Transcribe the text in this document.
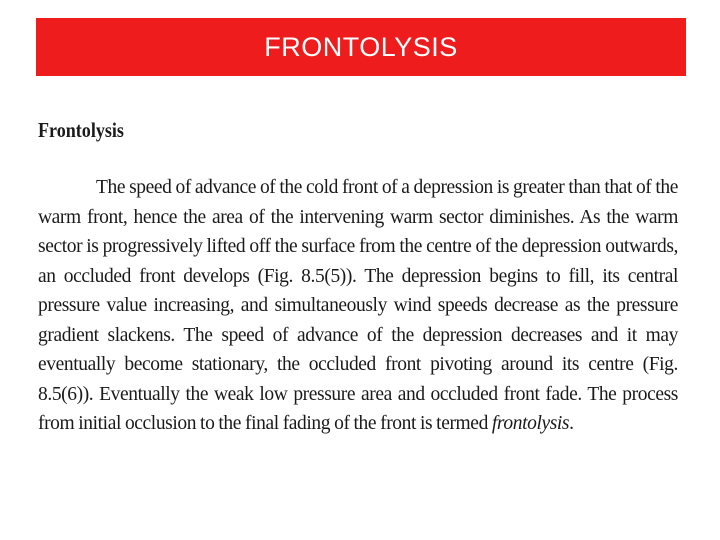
FRONTOLYSIS
Frontolysis

The speed of advance of the cold front of a depression is greater than that of the warm front, hence the area of the intervening warm sector diminishes. As the warm sector is progressively lifted off the surface from the centre of the depression outwards, an occluded front develops (Fig. 8.5(5)). The depression begins to fill, its central pressure value increasing, and simultaneously wind speeds decrease as the pressure gradient slackens. The speed of advance of the depression decreases and it may eventually become stationary, the occluded front pivoting around its centre (Fig. 8.5(6)). Eventually the weak low pressure area and occluded front fade. The process from initial occlusion to the final fading of the front is termed frontolysis.
